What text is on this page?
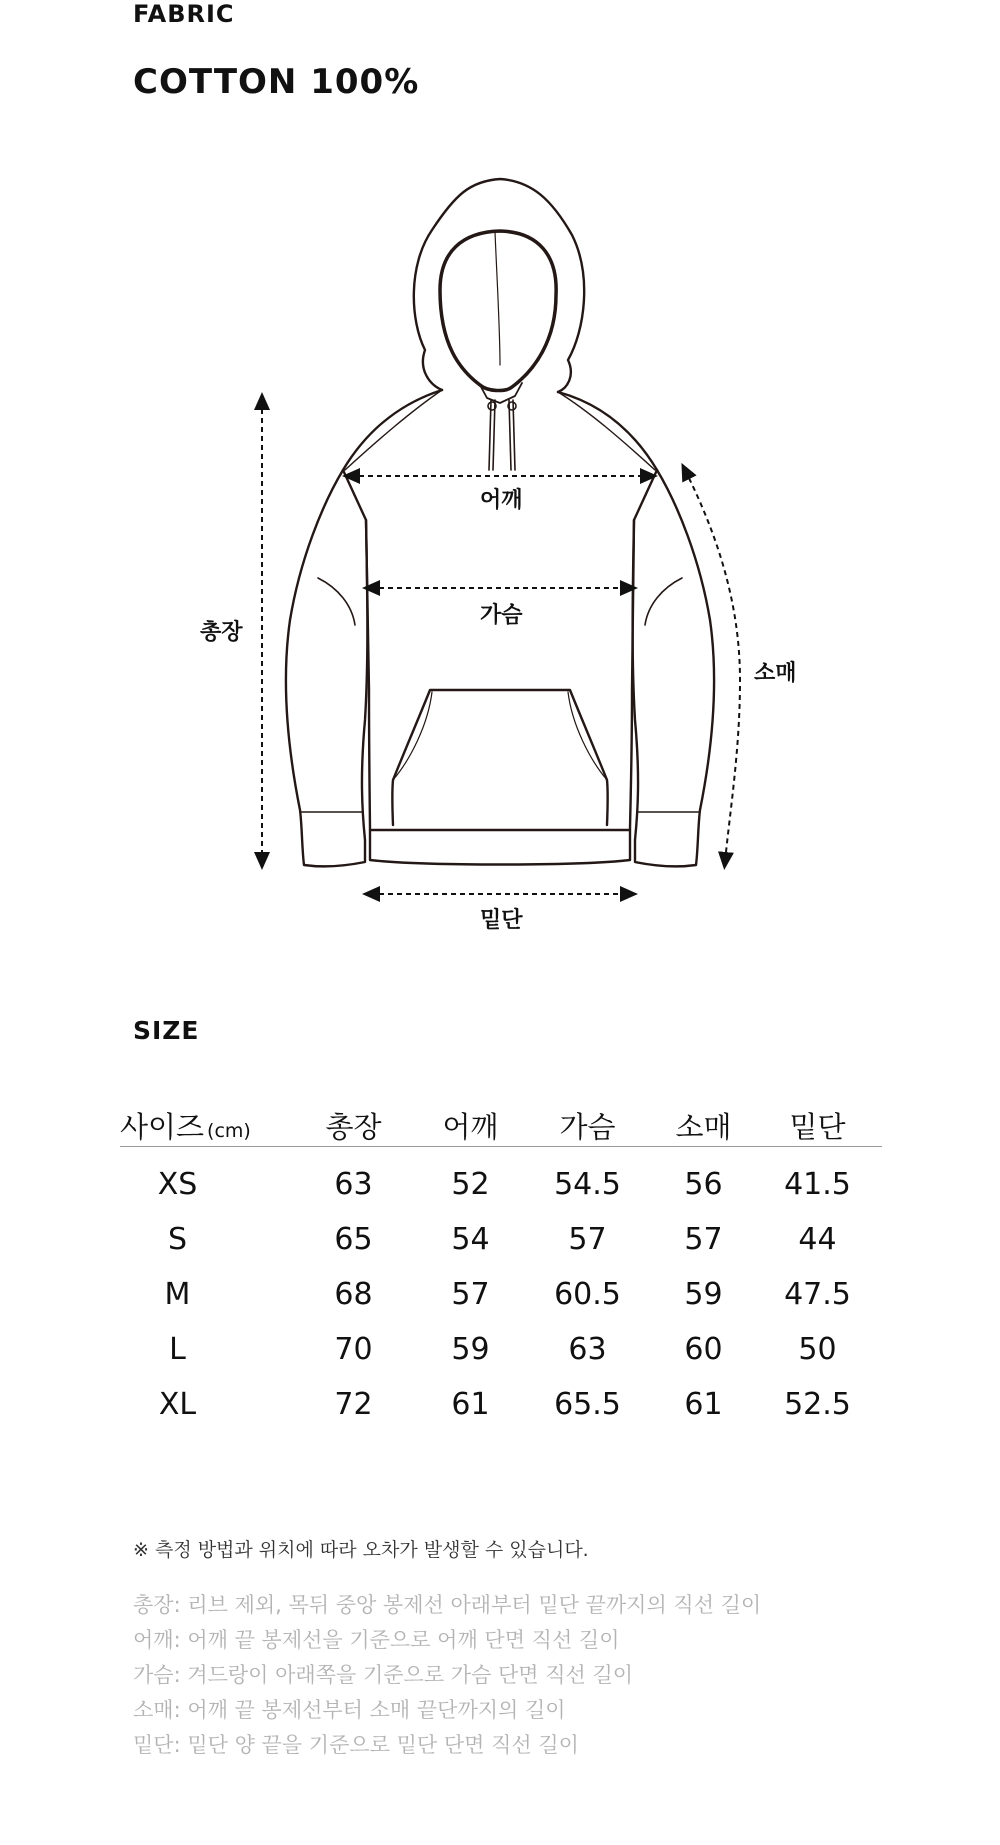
FABRIC
COTTON 100%
어깨
가슴
총장
소매
밑단
SIZE
사이즈 (cm)	총장	어깨	가슴	소매	밑단
XS	63	52	54.5	56	41.5
S	65	54	57	57	44
M	68	57	60.5	59	47.5
L	70	59	63	60	50
XL	72	61	65.5	61	52.5
※ 측정 방법과 위치에 따라 오차가 발생할 수 있습니다.
총장: 리브 제외, 목뒤 중앙 봉제선 아래부터 밑단 끝까지의 직선 길이
어깨: 어깨 끝 봉제선을 기준으로 어깨 단면 직선 길이
가슴: 겨드랑이 아래쪽을 기준으로 가슴 단면 직선 길이
소매: 어깨 끝 봉제선부터 소매 끝단까지의 길이
밑단: 밑단 양 끝을 기준으로 밑단 단면 직선 길이
